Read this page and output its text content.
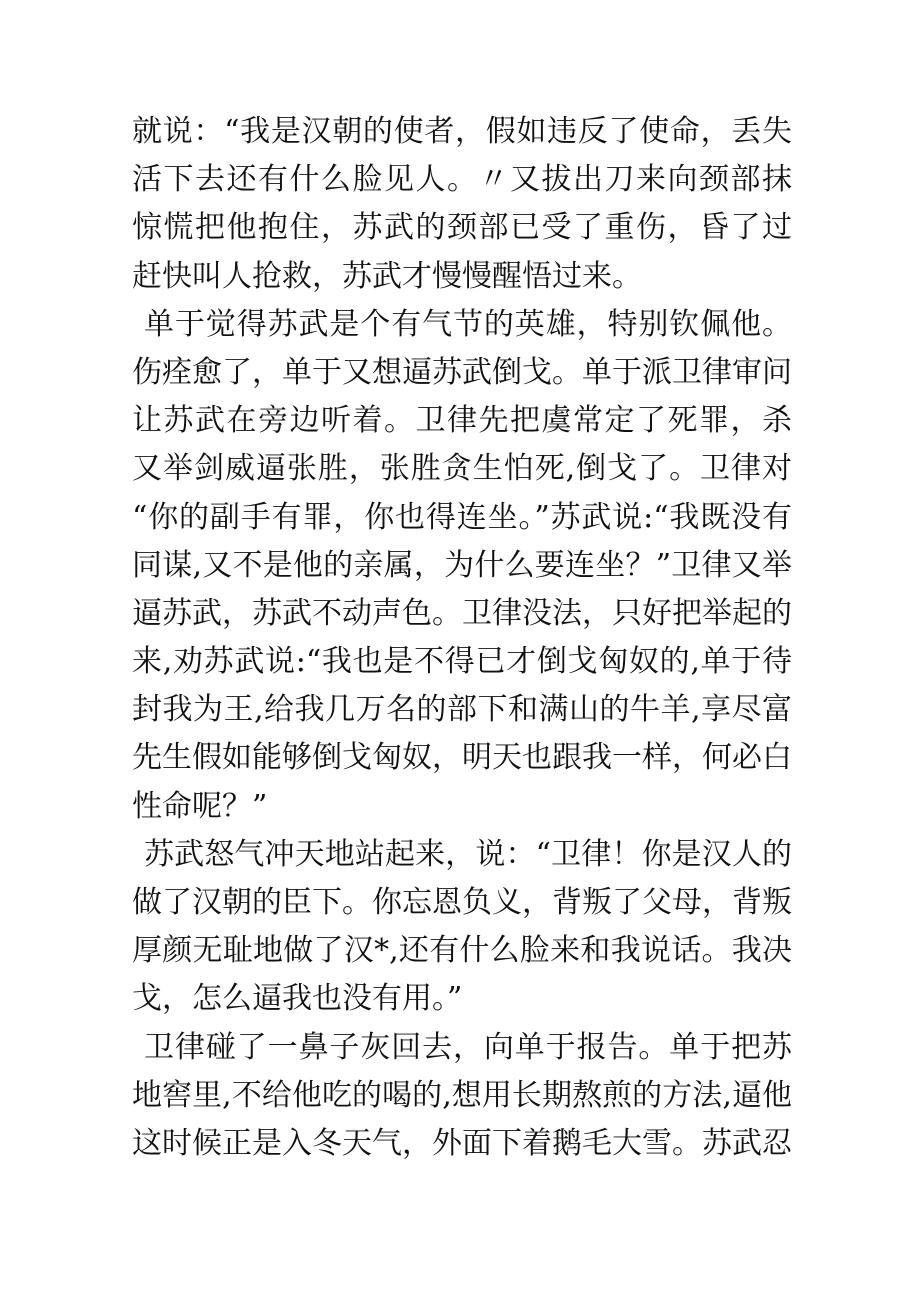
就说：“我是汉朝的使者，假如违反了使命，丢失
活下去还有什么脸见人。〃又拔出刀来向颈部抹
惊慌把他抱住，苏武的颈部已受了重伤，昏了过
赶快叫人抢救，苏武才慢慢醒悟过来。
单于觉得苏武是个有气节的英雄，特别钦佩他。
伤痊愈了，单于又想逼苏武倒戈。单于派卫律审问
让苏武在旁边听着。卫律先把虞常定了死罪，杀
又举剑威逼张胜，张胜贪生怕死,倒戈了。卫律对
“你的副手有罪，你也得连坐。”苏武说:“我既没有
同谋,又不是他的亲属，为什么要连坐？”卫律又举
逼苏武，苏武不动声色。卫律没法，只好把举起的
来,劝苏武说:“我也是不得已才倒戈匈奴的,单于待
封我为王,给我几万名的部下和满山的牛羊,享尽富
先生假如能够倒戈匈奴，明天也跟我一样，何必白
性命呢？”
苏武怒气冲天地站起来，说：“卫律！你是汉人的
做了汉朝的臣下。你忘恩负义，背叛了父母，背叛
厚颜无耻地做了汉*,还有什么脸来和我说话。我决
戈，怎么逼我也没有用。”
卫律碰了一鼻子灰回去，向单于报告。单于把苏
地窖里,不给他吃的喝的,想用长期熬煎的方法,逼他
这时候正是入冬天气，外面下着鹅毛大雪。苏武忍
